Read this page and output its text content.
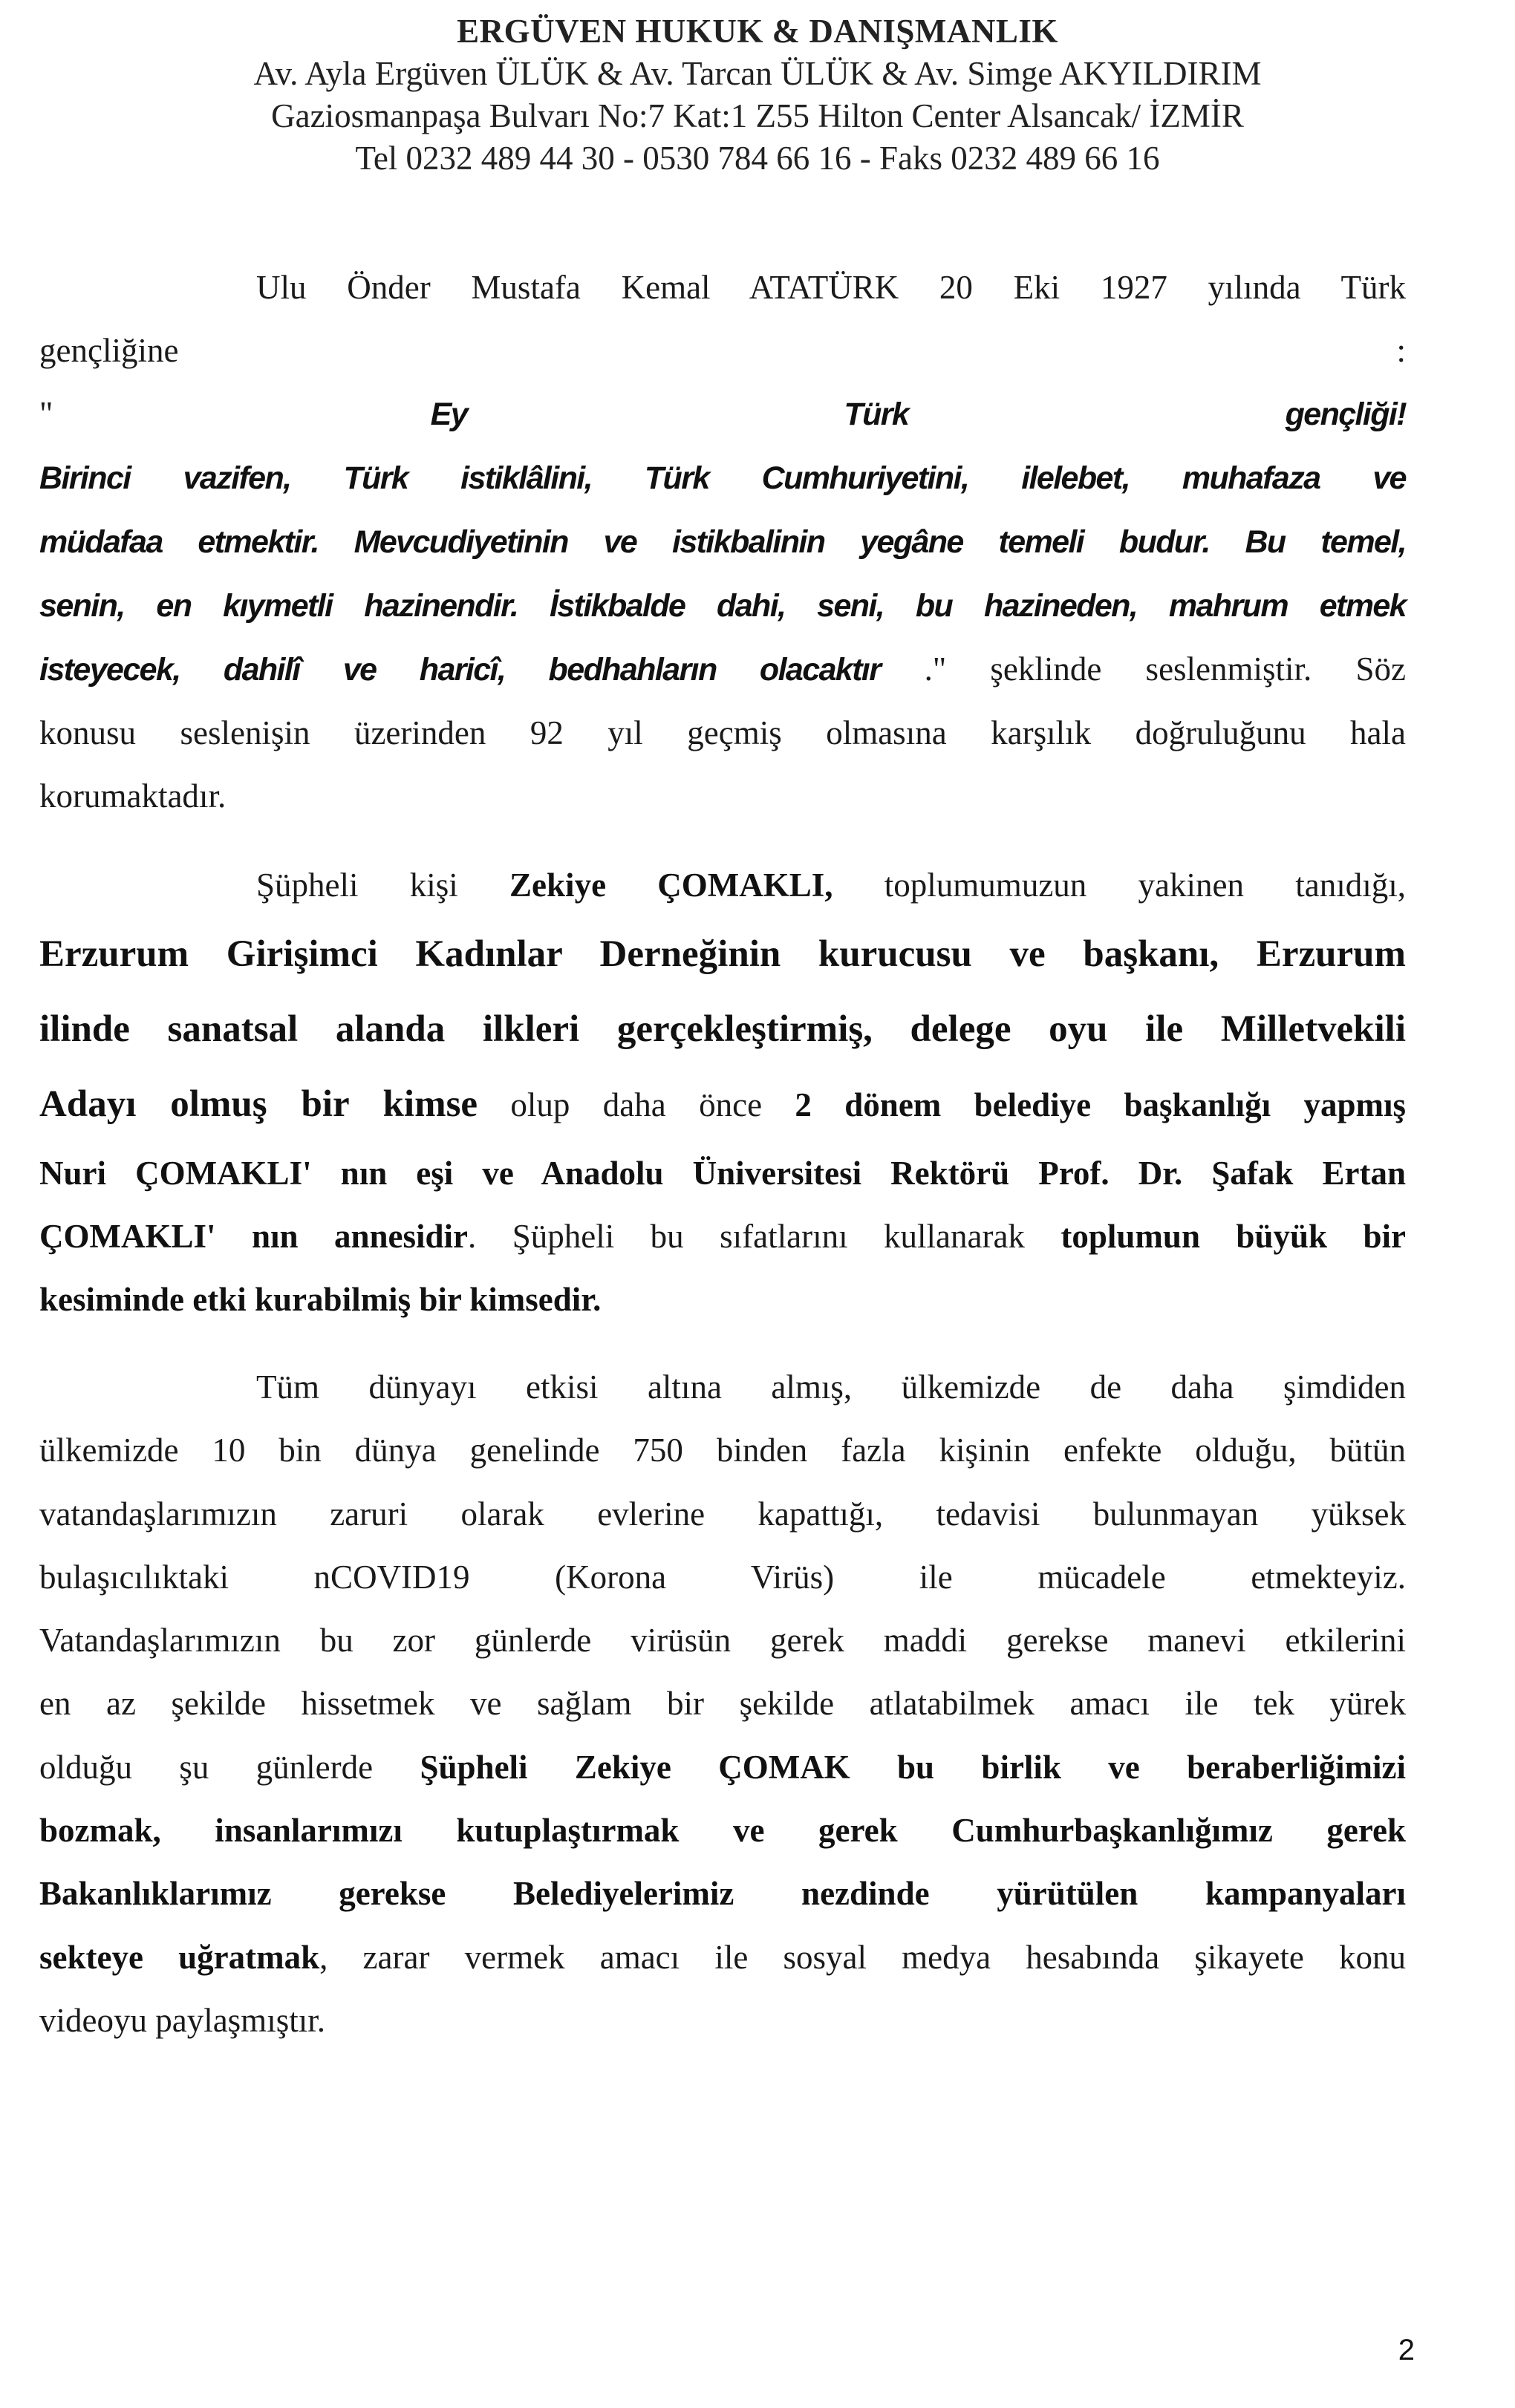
ERGÜVEN HUKUK & DANIŞMANLIK
Av. Ayla Ergüven ÜLÜK & Av. Tarcan ÜLÜK & Av. Simge AKYILDIRIM
Gaziosmanpaşa Bulvarı No:7 Kat:1 Z55 Hilton Center Alsancak/ İZMİR
Tel 0232 489 44 30 - 0530 784 66 16 - Faks 0232 489 66 16
Ulu Önder Mustafa Kemal ATATÜRK 20 Eki 1927 yılında Türk
gençliğine :
" Ey Türk gençliği!
Birinci vazifen, Türk istiklâlini, Türk Cumhuriyetini, ilelebet, muhafaza ve
müdafaa etmektir. Mevcudiyetinin ve istikbalinin yegâne temeli budur. Bu temel,
senin, en kıymetli hazinendir. İstikbalde dahi, seni, bu hazineden, mahrum etmek
isteyecek, dahilî ve haricî, bedhahların olacaktır ." şeklinde seslenmiştir. Söz
konusu seslenişin üzerinden 92 yıl geçmiş olmasına karşılık doğruluğunu hala
korumaktadır.
Şüpheli kişi Zekiye ÇOMAKLI, toplumumuzun yakinen tanıdığı,
Erzurum Girişimci Kadınlar Derneğinin kurucusu ve başkanı, Erzurum
ilinde sanatsal alanda ilkleri gerçekleştirmiş, delege oyu ile Milletvekili
Adayı olmuş bir kimse olup daha önce 2 dönem belediye başkanlığı yapmış
Nuri ÇOMAKLI' nın eşi ve Anadolu Üniversitesi Rektörü Prof. Dr. Şafak Ertan
ÇOMAKLI' nın annesidir. Şüpheli bu sıfatlarını kullanarak toplumun büyük bir
kesiminde etki kurabilmiş bir kimsedir.
Tüm dünyayı etkisi altına almış, ülkemizde de daha şimdiden
ülkemizde 10 bin dünya genelinde 750 binden fazla kişinin enfekte olduğu, bütün
vatandaşlarımızın zaruri olarak evlerine kapattığı, tedavisi bulunmayan yüksek
bulaşıcılıktaki nCOVID19 (Korona Virüs) ile mücadele etmekteyiz.
Vatandaşlarımızın bu zor günlerde virüsün gerek maddi gerekse manevi etkilerini
en az şekilde hissetmek ve sağlam bir şekilde atlatabilmek amacı ile tek yürek
olduğu şu günlerde Şüpheli Zekiye ÇOMAK bu birlik ve beraberliğimizi
bozmak, insanlarımızı kutuplaştırmak ve gerek Cumhurbaşkanlığımız gerek
Bakanlıklarımız gerekse Belediyelerimiz nezdinde yürütülen kampanyaları
sekteye uğratmak, zarar vermek amacı ile sosyal medya hesabında şikayete konu
videoyu paylaşmıştır.
2
